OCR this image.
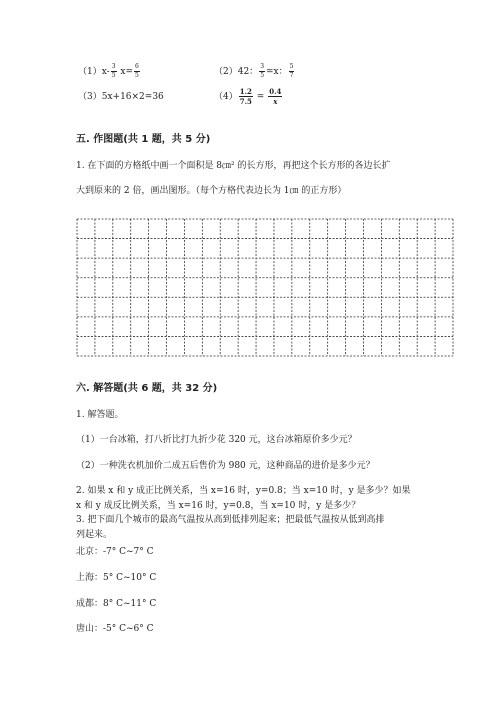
$(1)x- \frac{3}{5} x= \frac{6}{5}$	（2）42： $\frac{3}{5} =x$： $\frac{5}{7}$
（3）5x+16×2=36	$(4) \frac{1.2}{7.5} = \frac{0.4}{x}$
五. 作图题(共 1 题，共 5 分)
1. 在下面的方格纸中画一个面积是 8㎝² 的长方形，再把这个长方形的各边长扩
大到原来的 2 倍，画出图形。（每个方格代表边长为 1㎝ 的正方形）
六. 解答题(共 6 题，共 32 分)
1. 解答题。
（1）一台冰箱，打八折比打九折少花 320 元，这台冰箱原价多少元？
（2）一种洗衣机加价二成五后售价为 980 元，这种商品的进价是多少元？
2. 如果 x 和 y 成正比例关系，当 x=16 时，y=0.8；当 x=10 时，y 是多少？如果
x 和 y 成反比例关系，当 x=16 时，y=0.8，当 x=10 时，y 是多少？
3. 把下面几个城市的最高气温按从高到低排列起来；把最低气温按从低到高排
列起来。
北京：-7° C~7° C
上海：5° C~10° C
成都：8° C~11° C
唐山：-5° C~6° C
